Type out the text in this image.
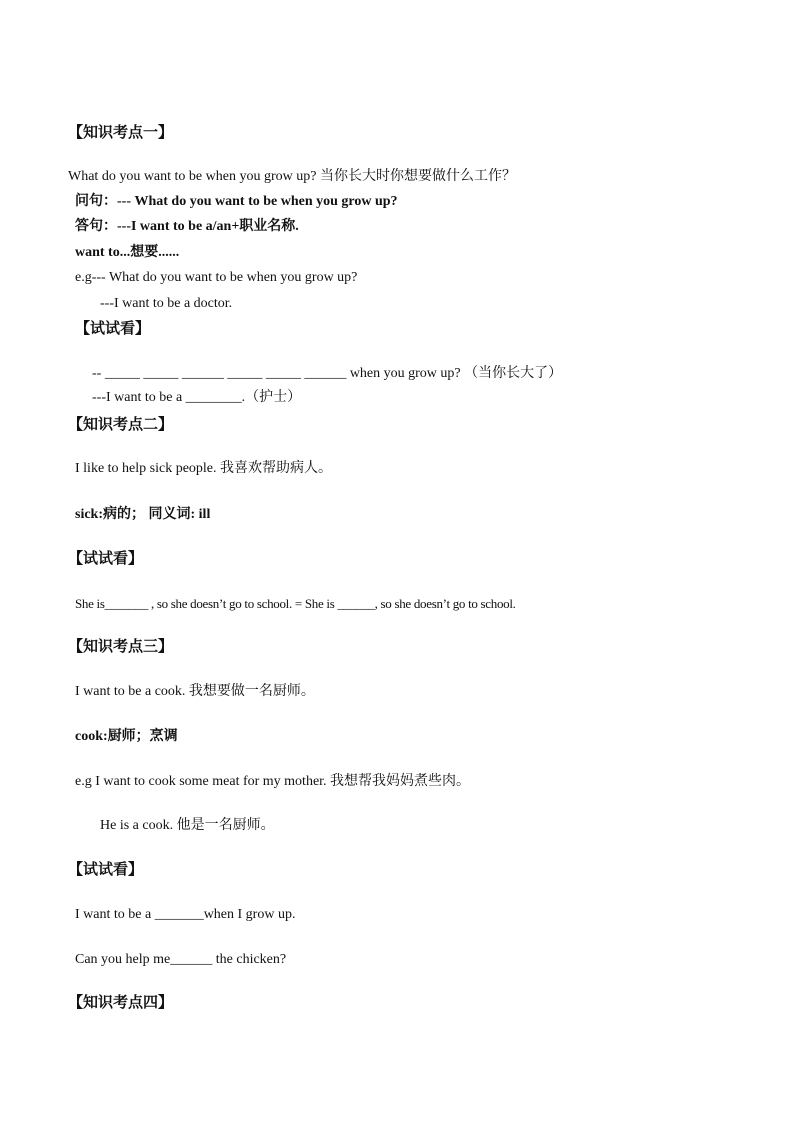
【知识考点一】
What do you want to be when you grow up? 当你长大时你想要做什么工作？
问句：--- What do you want to be when you grow up?
答句：---I want to be a/an+职业名称.
want to...想要......
e.g--- What do you want to be when you grow up?
---I want to be a doctor.
【试试看】
-- _____ _____ ______ _____ _____ ______ when you grow up? （当你长大了）
---I want to be a ________.（护士）
【知识考点二】
I like to help sick people. 我喜欢帮助病人。
sick:病的； 同义词: ill
【试试看】
She is_______ , so she doesn’t go to school. = She is ______, so she doesn’t go to school.
【知识考点三】
I want to be a cook. 我想要做一名厨师。
cook:厨师；烹调
e.g I want to cook some meat for my mother. 我想帮我妈妈煮些肉。
He is a cook. 他是一名厨师。
【试试看】
I want to be a _______when I grow up.
Can you help me______ the chicken?
【知识考点四】
